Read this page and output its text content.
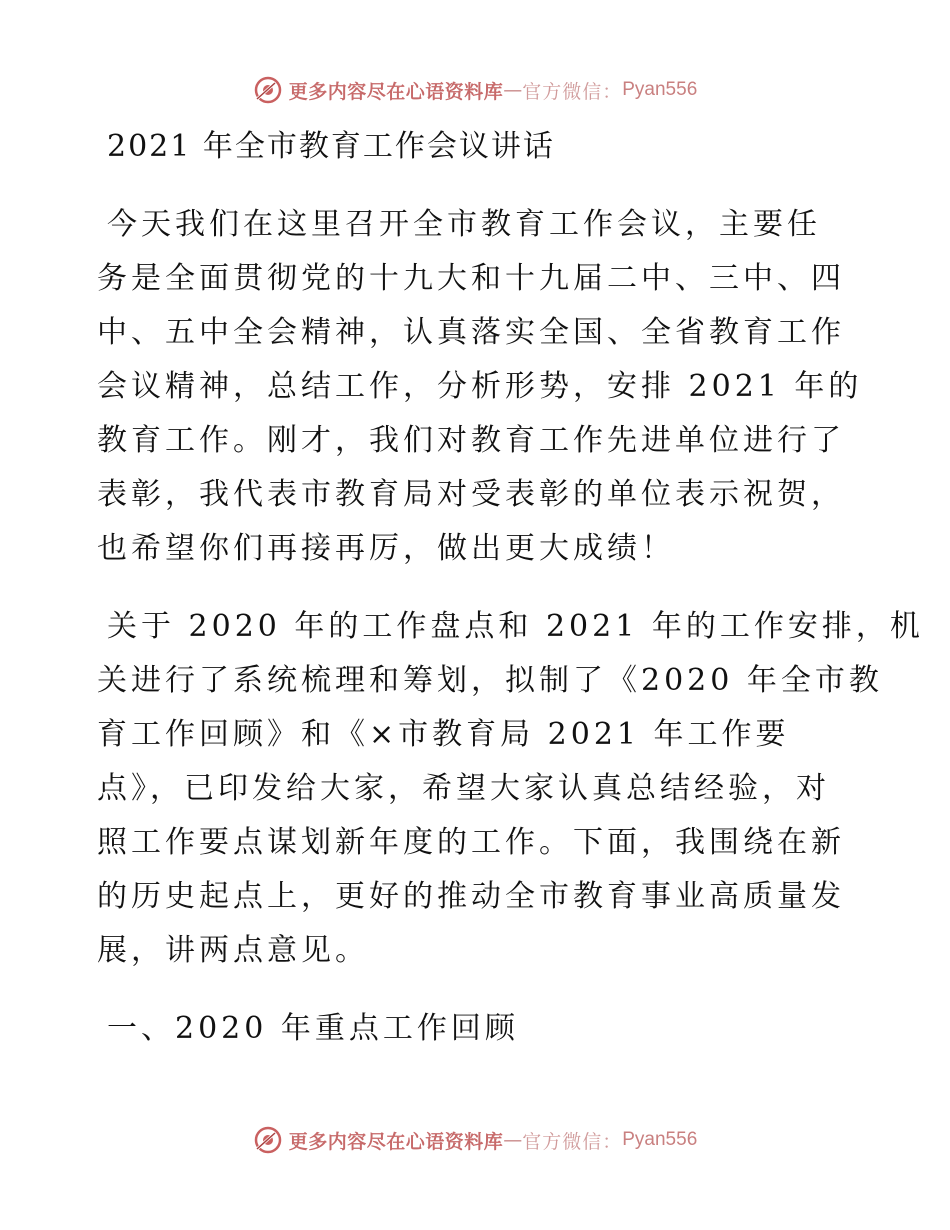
更多内容尽在心语资料库 — 官方微信： Pyan556
2021 年全市教育工作会议讲话
今天我们在这里召开全市教育工作会议，主要任
务是全面贯彻党的十九大和十九届二中、三中、四
中、五中全会精神，认真落实全国、全省教育工作
会议精神，总结工作，分析形势，安排 2021 年的
教育工作。刚才，我们对教育工作先进单位进行了
表彰，我代表市教育局对受表彰的单位表示祝贺，
也希望你们再接再厉，做出更大成绩！
关于 2020 年的工作盘点和 2021 年的工作安排，机
关进行了系统梳理和筹划，拟制了《2020 年全市教
育工作回顾》和《×市教育局 2021 年工作要
点》，已印发给大家，希望大家认真总结经验，对
照工作要点谋划新年度的工作。下面，我围绕在新
的历史起点上，更好的推动全市教育事业高质量发
展，讲两点意见。
一、2020 年重点工作回顾
更多内容尽在心语资料库 — 官方微信： Pyan556
